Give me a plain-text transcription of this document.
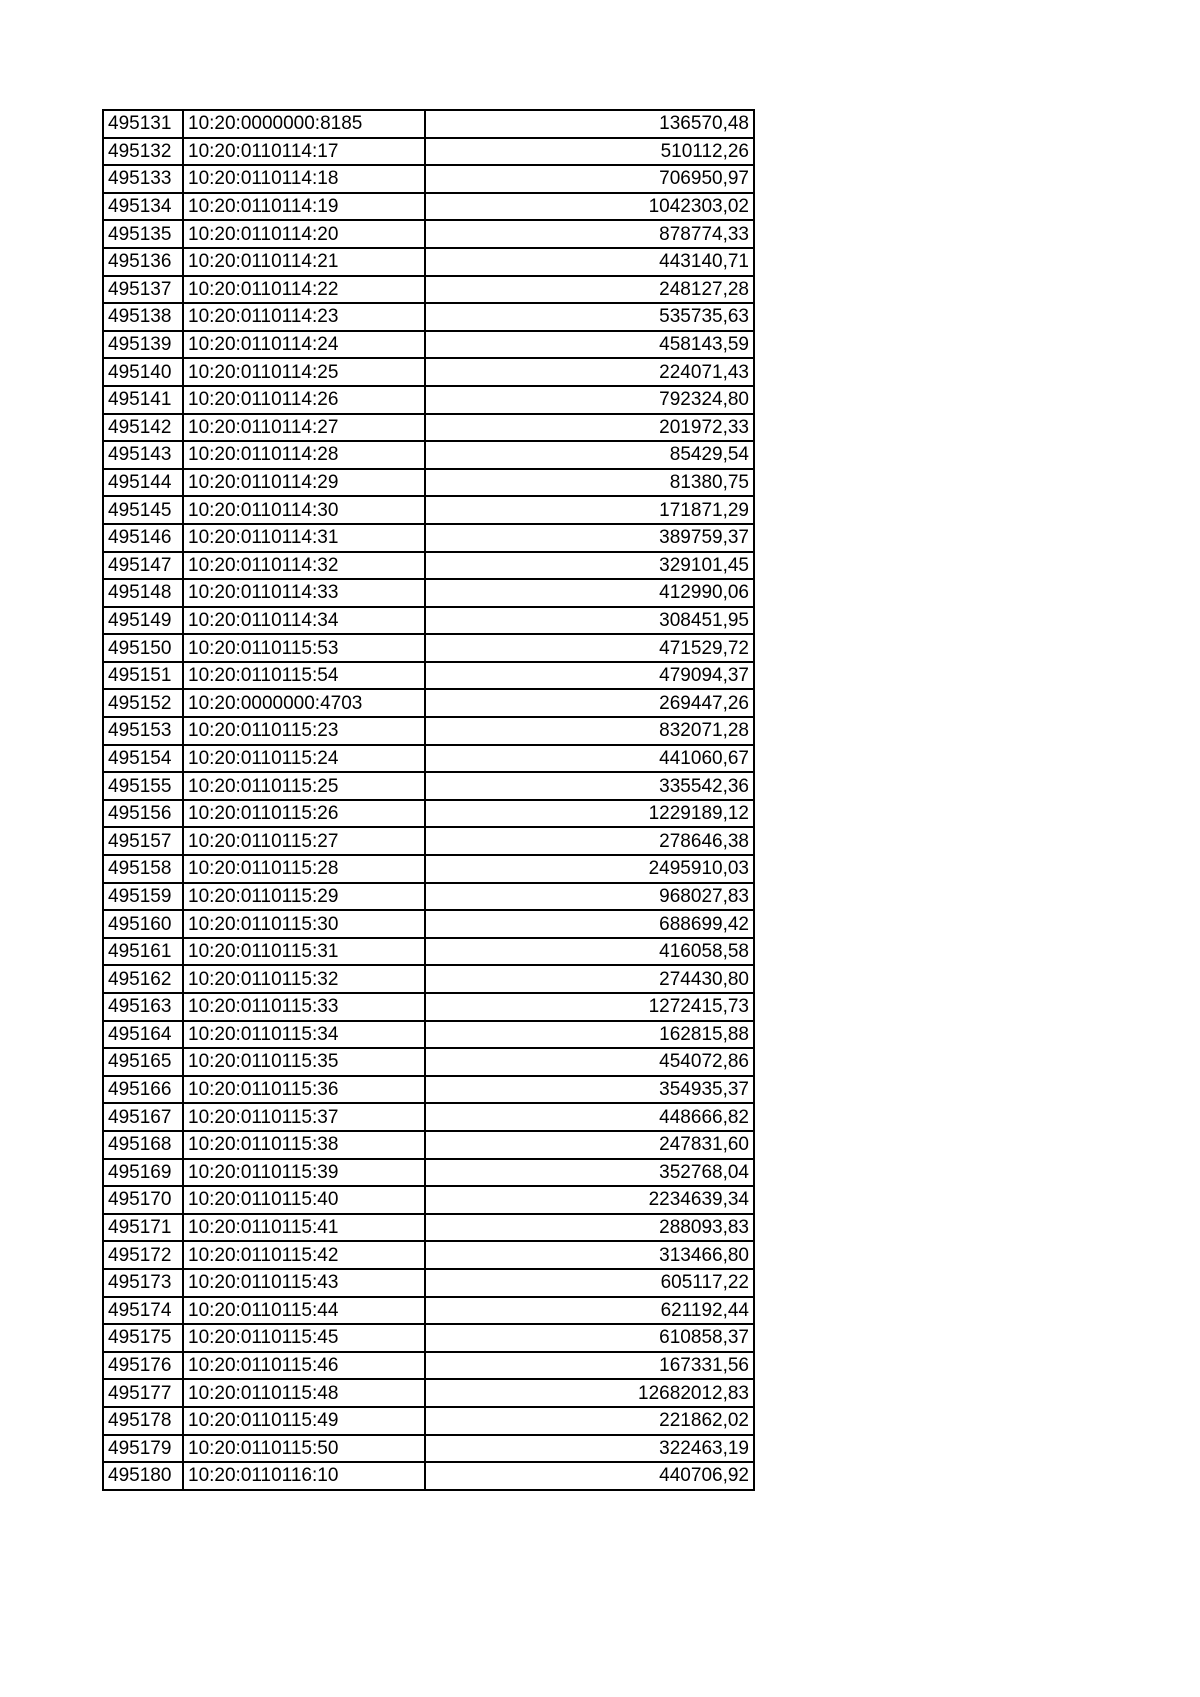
495131	10:20:0000000:8185	136570,48
495132	10:20:0110114:17	510112,26
495133	10:20:0110114:18	706950,97
495134	10:20:0110114:19	1042303,02
495135	10:20:0110114:20	878774,33
495136	10:20:0110114:21	443140,71
495137	10:20:0110114:22	248127,28
495138	10:20:0110114:23	535735,63
495139	10:20:0110114:24	458143,59
495140	10:20:0110114:25	224071,43
495141	10:20:0110114:26	792324,80
495142	10:20:0110114:27	201972,33
495143	10:20:0110114:28	85429,54
495144	10:20:0110114:29	81380,75
495145	10:20:0110114:30	171871,29
495146	10:20:0110114:31	389759,37
495147	10:20:0110114:32	329101,45
495148	10:20:0110114:33	412990,06
495149	10:20:0110114:34	308451,95
495150	10:20:0110115:53	471529,72
495151	10:20:0110115:54	479094,37
495152	10:20:0000000:4703	269447,26
495153	10:20:0110115:23	832071,28
495154	10:20:0110115:24	441060,67
495155	10:20:0110115:25	335542,36
495156	10:20:0110115:26	1229189,12
495157	10:20:0110115:27	278646,38
495158	10:20:0110115:28	2495910,03
495159	10:20:0110115:29	968027,83
495160	10:20:0110115:30	688699,42
495161	10:20:0110115:31	416058,58
495162	10:20:0110115:32	274430,80
495163	10:20:0110115:33	1272415,73
495164	10:20:0110115:34	162815,88
495165	10:20:0110115:35	454072,86
495166	10:20:0110115:36	354935,37
495167	10:20:0110115:37	448666,82
495168	10:20:0110115:38	247831,60
495169	10:20:0110115:39	352768,04
495170	10:20:0110115:40	2234639,34
495171	10:20:0110115:41	288093,83
495172	10:20:0110115:42	313466,80
495173	10:20:0110115:43	605117,22
495174	10:20:0110115:44	621192,44
495175	10:20:0110115:45	610858,37
495176	10:20:0110115:46	167331,56
495177	10:20:0110115:48	12682012,83
495178	10:20:0110115:49	221862,02
495179	10:20:0110115:50	322463,19
495180	10:20:0110116:10	440706,92
